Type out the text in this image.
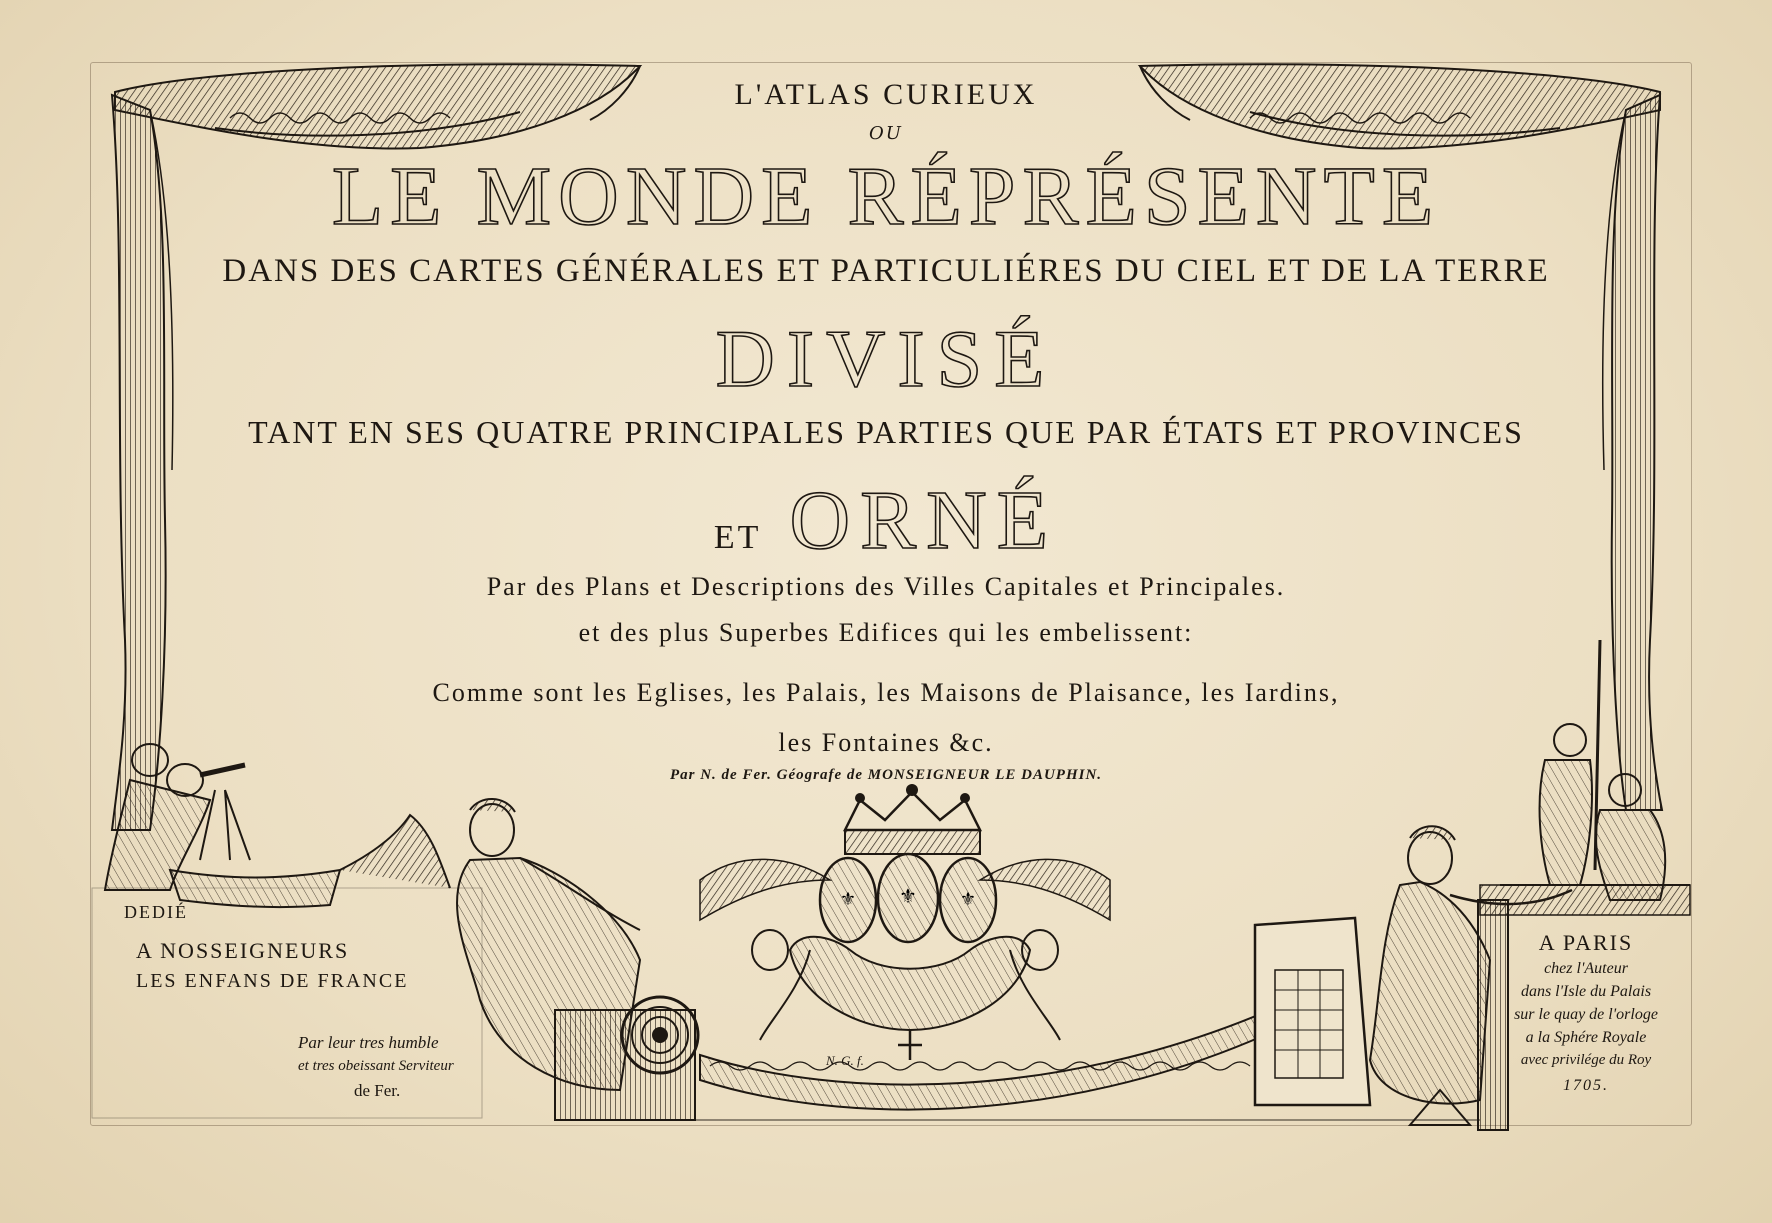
⚜ ⚜ ⚜
L'ATLAS CURIEUX
OU
LE MONDE RÉPRÉSENTE
DANS DES CARTES GÉNÉRALES ET PARTICULIÉRES DU CIEL ET DE LA TERRE
DIVISÉ
TANT EN SES QUATRE PRINCIPALES PARTIES QUE PAR ÉTATS ET PROVINCES
ET ORNÉ
Par des Plans et Descriptions des Villes Capitales et Principales.
et des plus Superbes Edifices qui les embelissent:
Comme sont les Eglises, les Palais, les Maisons de Plaisance, les Iardins,
les Fontaines &c.
Par N. de Fer. Géografe de MONSEIGNEUR LE DAUPHIN.
DEDIÉ
A NOSSEIGNEURS
LES ENFANS DE FRANCE
Par leur tres humble
et tres obeissant Serviteur
de Fer.
A PARIS
chez l'Auteur
dans l'Isle du Palais
sur le quay de l'orloge
a la Sphére Royale
avec privilége du Roy
1705.
N. G. f.
